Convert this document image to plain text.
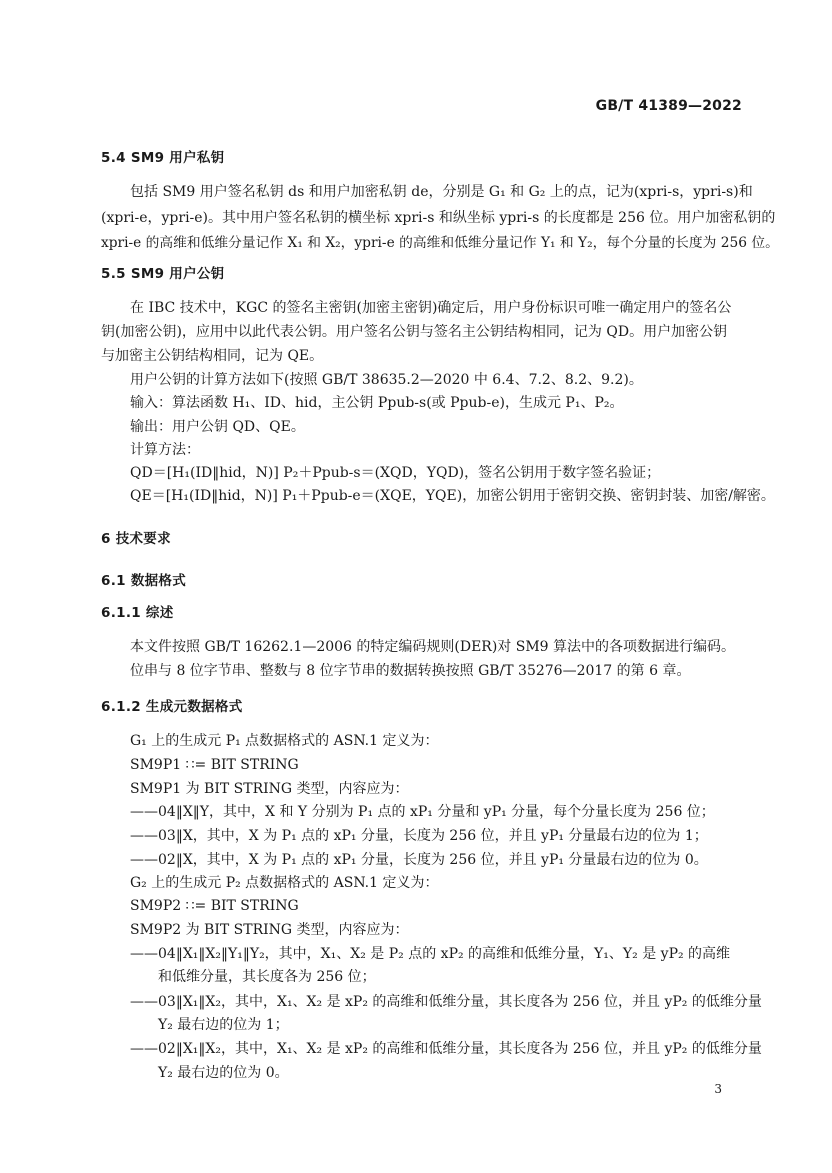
GB/T 41389—2022
5.4 SM9 用户私钥
包括 SM9 用户签名私钥 ds 和用户加密私钥 de，分别是 G₁ 和 G₂ 上的点，记为(xpri-s，ypri-s)和
(xpri-e，ypri-e)。其中用户签名私钥的横坐标 xpri-s 和纵坐标 ypri-s 的长度都是 256 位。用户加密私钥的
xpri-e 的高维和低维分量记作 X₁ 和 X₂，ypri-e 的高维和低维分量记作 Y₁ 和 Y₂，每个分量的长度为 256 位。
5.5 SM9 用户公钥
在 IBC 技术中，KGC 的签名主密钥(加密主密钥)确定后，用户身份标识可唯一确定用户的签名公
钥(加密公钥)，应用中以此代表公钥。用户签名公钥与签名主公钥结构相同，记为 QD。用户加密公钥
与加密主公钥结构相同，记为 QE。
用户公钥的计算方法如下(按照 GB/T 38635.2—2020 中 6.4、7.2、8.2、9.2)。
输入：算法函数 H₁、ID、hid，主公钥 Ppub-s(或 Ppub-e)，生成元 P₁、P₂。
输出：用户公钥 QD、QE。
计算方法：
QD＝[H₁(ID‖hid，N)] P₂＋Ppub-s＝(XQD，YQD)，签名公钥用于数字签名验证；
QE＝[H₁(ID‖hid，N)] P₁＋Ppub-e＝(XQE，YQE)，加密公钥用于密钥交换、密钥封装、加密/解密。
6 技术要求
6.1 数据格式
6.1.1 综述
本文件按照 GB/T 16262.1—2006 的特定编码规则(DER)对 SM9 算法中的各项数据进行编码。
位串与 8 位字节串、整数与 8 位字节串的数据转换按照 GB/T 35276—2017 的第 6 章。
6.1.2 生成元数据格式
G₁ 上的生成元 P₁ 点数据格式的 ASN.1 定义为：
SM9P1 ∷= BIT STRING
SM9P1 为 BIT STRING 类型，内容应为：
——04‖X‖Y，其中，X 和 Y 分别为 P₁ 点的 xP₁ 分量和 yP₁ 分量，每个分量长度为 256 位；
——03‖X，其中，X 为 P₁ 点的 xP₁ 分量，长度为 256 位，并且 yP₁ 分量最右边的位为 1；
——02‖X，其中，X 为 P₁ 点的 xP₁ 分量，长度为 256 位，并且 yP₁ 分量最右边的位为 0。
G₂ 上的生成元 P₂ 点数据格式的 ASN.1 定义为：
SM9P2 ∷= BIT STRING
SM9P2 为 BIT STRING 类型，内容应为：
——04‖X₁‖X₂‖Y₁‖Y₂，其中，X₁、X₂ 是 P₂ 点的 xP₂ 的高维和低维分量，Y₁、Y₂ 是 yP₂ 的高维
和低维分量，其长度各为 256 位；
——03‖X₁‖X₂，其中，X₁、X₂ 是 xP₂ 的高维和低维分量，其长度各为 256 位，并且 yP₂ 的低维分量
Y₂ 最右边的位为 1；
——02‖X₁‖X₂，其中，X₁、X₂ 是 xP₂ 的高维和低维分量，其长度各为 256 位，并且 yP₂ 的低维分量
Y₂ 最右边的位为 0。
3
